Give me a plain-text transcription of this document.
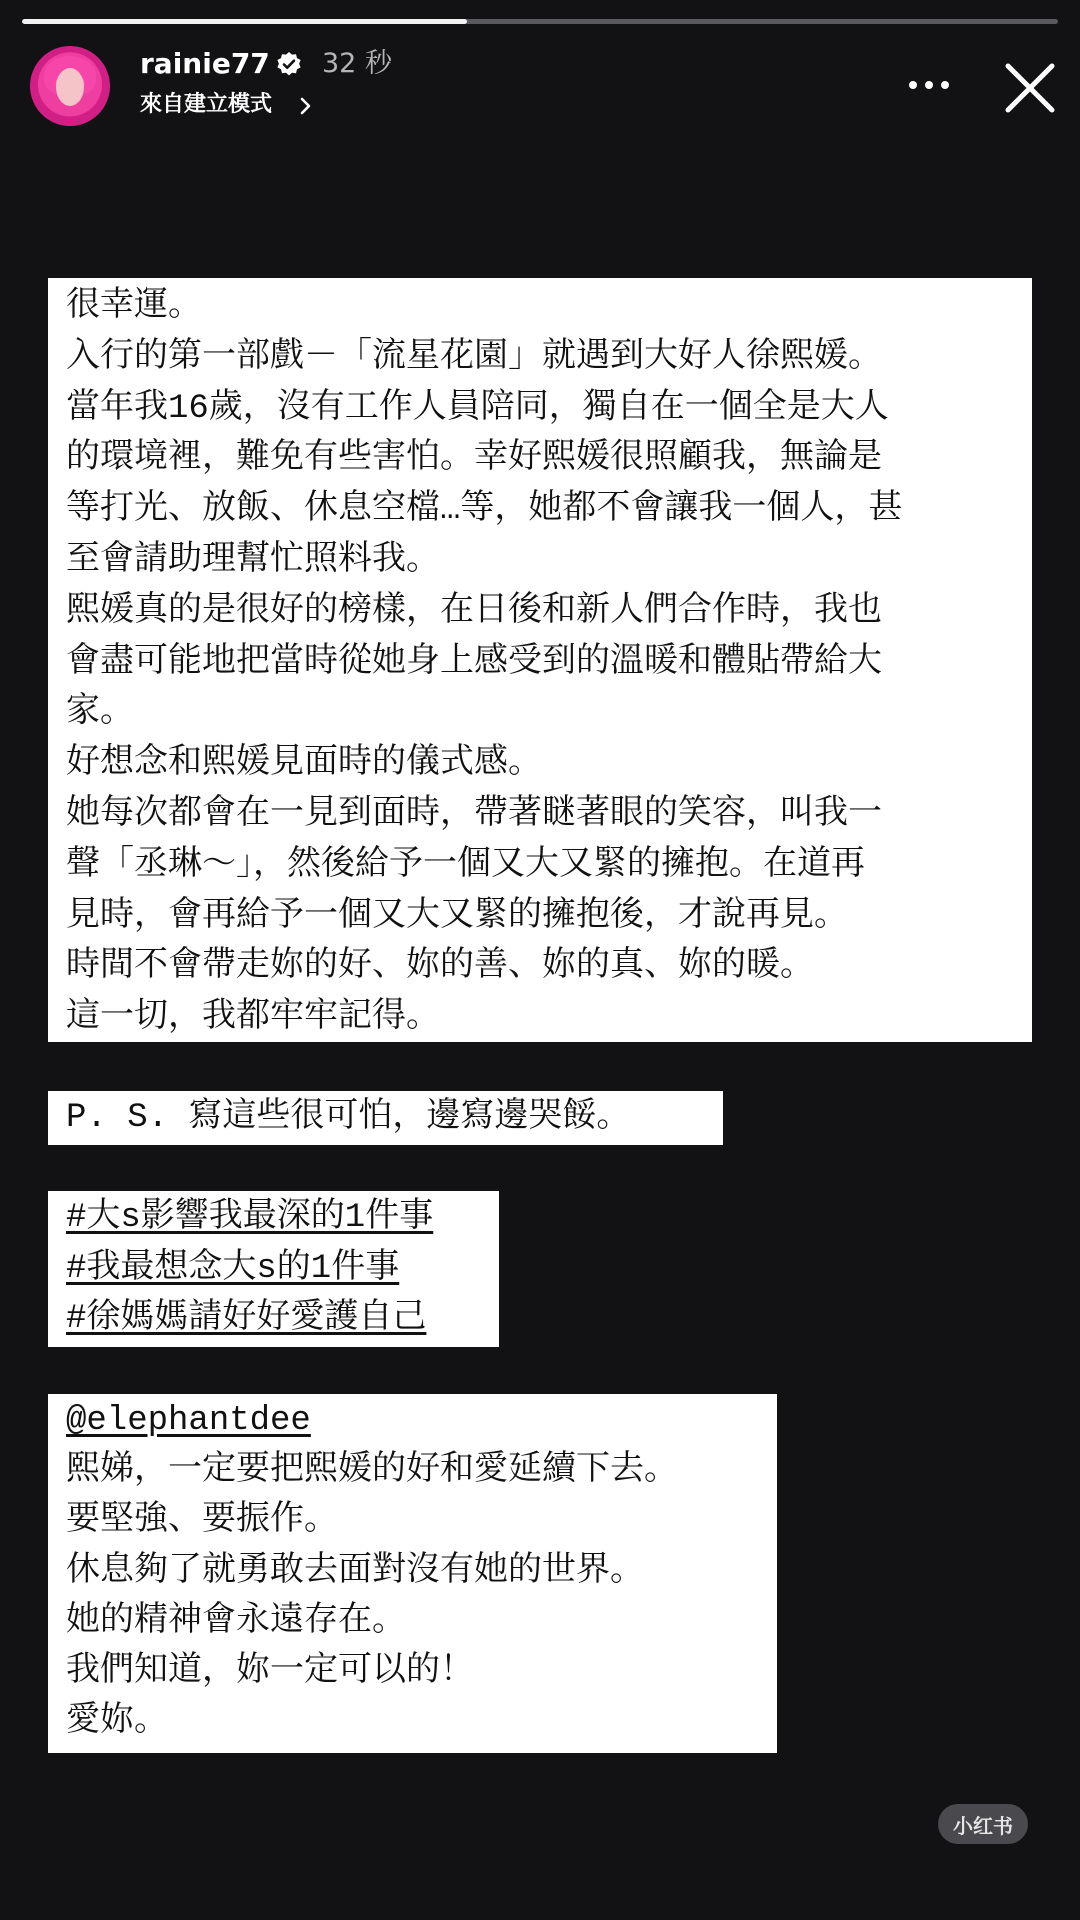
rainie77 32 秒
來自建立模式
很幸運。
入行的第一部戲－「流星花園」就遇到大好人徐熙媛。
當年我16歲，沒有工作人員陪同，獨自在一個全是大人
的環境裡，難免有些害怕。幸好熙媛很照顧我，無論是
等打光、放飯、休息空檔…等，她都不會讓我一個人，甚
至會請助理幫忙照料我。
熙媛真的是很好的榜樣，在日後和新人們合作時，我也
會盡可能地把當時從她身上感受到的溫暖和體貼帶給大
家。
好想念和熙媛見面時的儀式感。
她每次都會在一見到面時，帶著瞇著眼的笑容，叫我一
聲「丞琳～」，然後給予一個又大又緊的擁抱。在道再
見時，會再給予一個又大又緊的擁抱後，才說再見。
時間不會帶走妳的好、妳的善、妳的真、妳的暖。
這一切，我都牢牢記得。
P. S. 寫這些很可怕，邊寫邊哭餒。
#大s影響我最深的1件事
#我最想念大s的1件事
#徐媽媽請好好愛護自己
@elephantdee
熙娣，一定要把熙媛的好和愛延續下去。
要堅強、要振作。
休息夠了就勇敢去面對沒有她的世界。
她的精神會永遠存在。
我們知道，妳一定可以的！
愛妳。
小红书
